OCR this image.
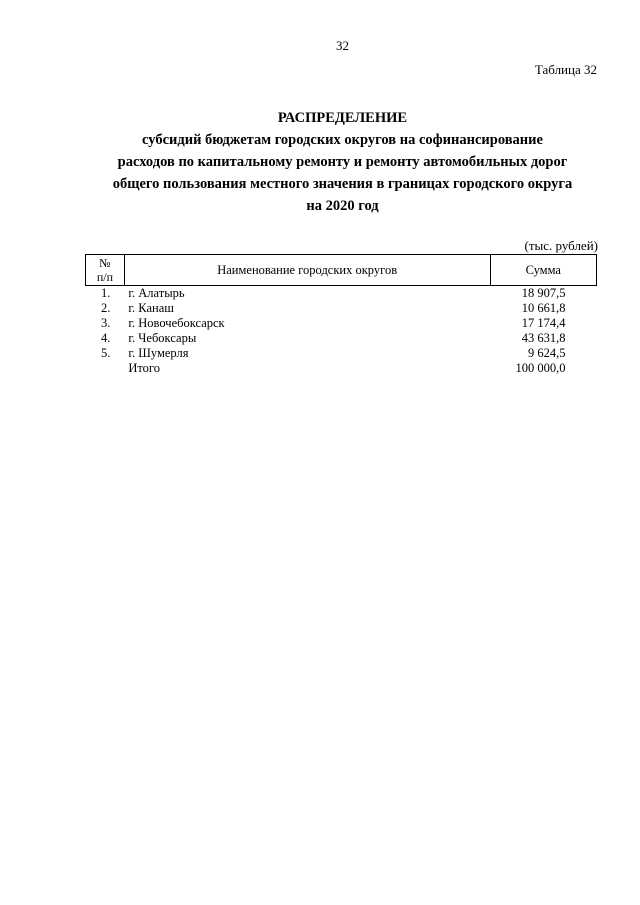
32
Таблица 32
РАСПРЕДЕЛЕНИЕ
субсидий бюджетам городских округов на софинансирование
расходов по капитальному ремонту и ремонту автомобильных дорог
общего пользования местного значения в границах городского округа
на 2020 год
(тыс. рублей)
№
п/п	Наименование городских округов	Сумма
1.	г. Алатырь	18 907,5
2.	г. Канаш	10 661,8
3.	г. Новочебоксарск	17 174,4
4.	г. Чебоксары	43 631,8
5.	г. Шумерля	9 624,5
	Итого	100 000,0
